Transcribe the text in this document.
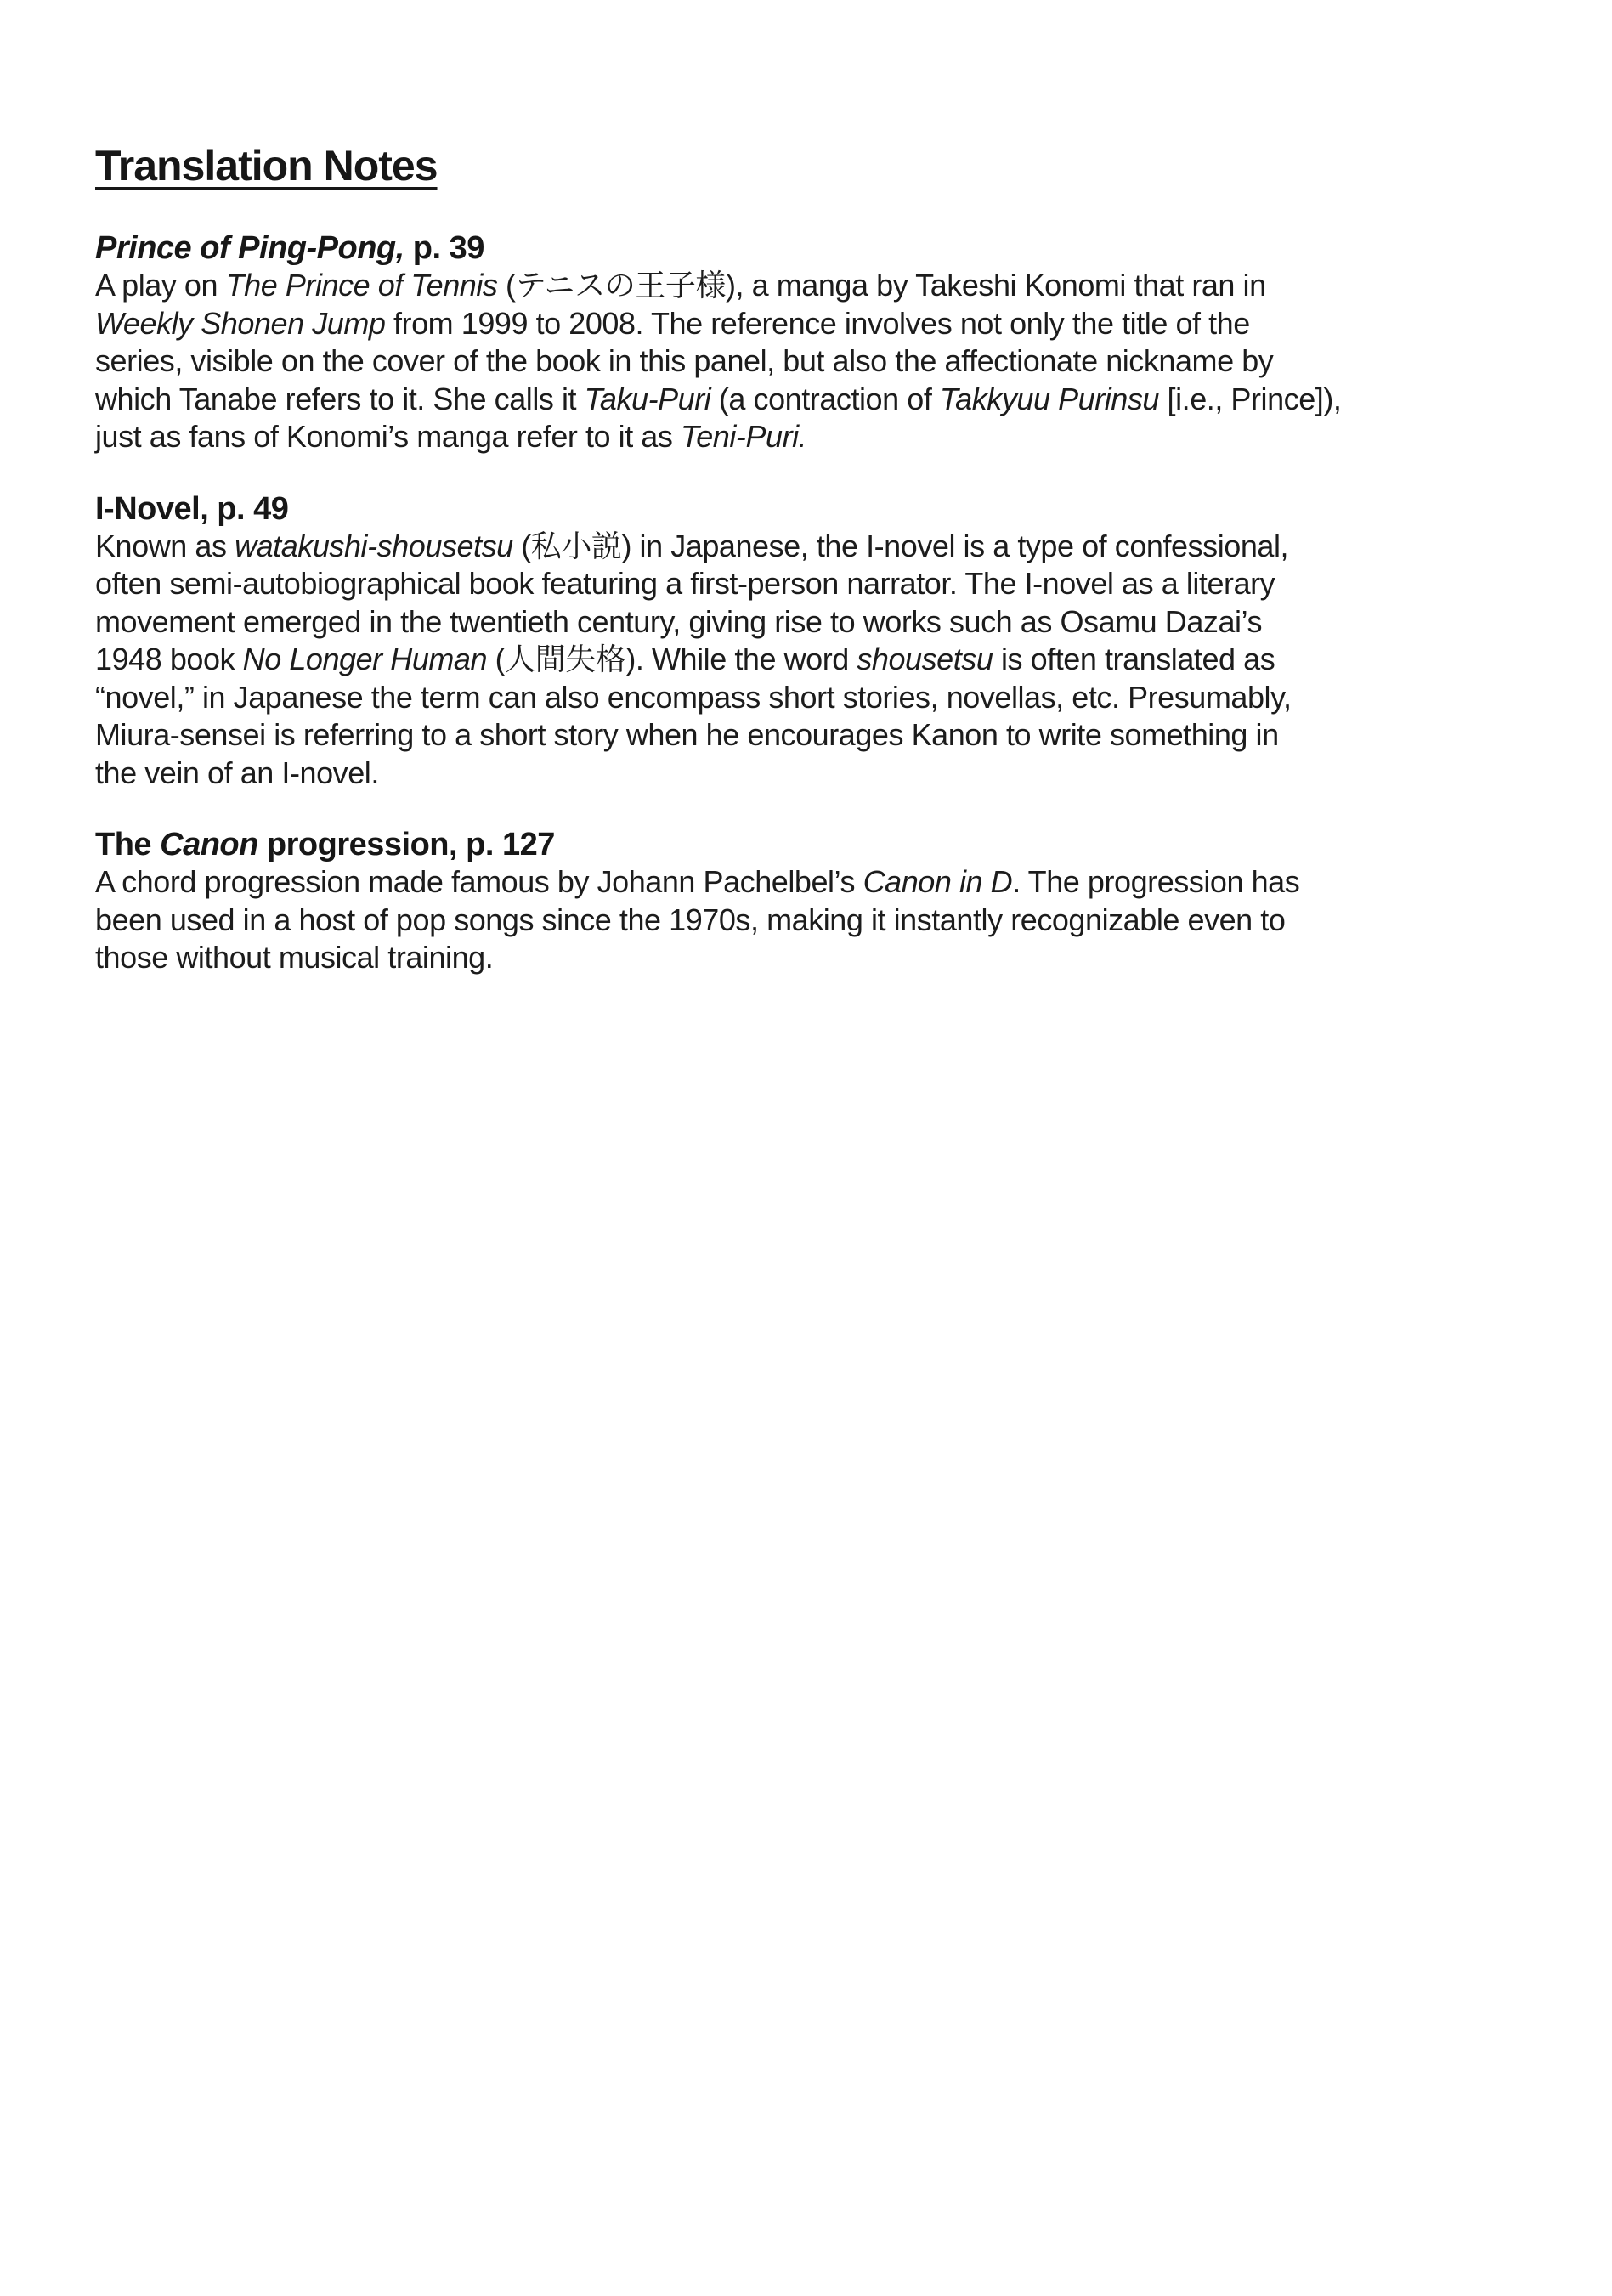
Translation Notes
Prince of Ping-Pong, p. 39
A play on The Prince of Tennis (テニスの王子様), a manga by Takeshi Konomi that ran in
Weekly Shonen Jump from 1999 to 2008. The reference involves not only the title of the
series, visible on the cover of the book in this panel, but also the affectionate nickname by
which Tanabe refers to it. She calls it Taku-Puri (a contraction of Takkyuu Purinsu [i.e., Prince]),
just as fans of Konomi’s manga refer to it as Teni-Puri.
I-Novel, p. 49
Known as watakushi-shousetsu (私小説) in Japanese, the I-novel is a type of confessional,
often semi-autobiographical book featuring a first-person narrator. The I-novel as a literary
movement emerged in the twentieth century, giving rise to works such as Osamu Dazai’s
1948 book No Longer Human (人間失格). While the word shousetsu is often translated as
“novel,” in Japanese the term can also encompass short stories, novellas, etc. Presumably,
Miura-sensei is referring to a short story when he encourages Kanon to write something in
the vein of an I-novel.
The Canon progression, p. 127
A chord progression made famous by Johann Pachelbel’s Canon in D. The progression has
been used in a host of pop songs since the 1970s, making it instantly recognizable even to
those without musical training.
